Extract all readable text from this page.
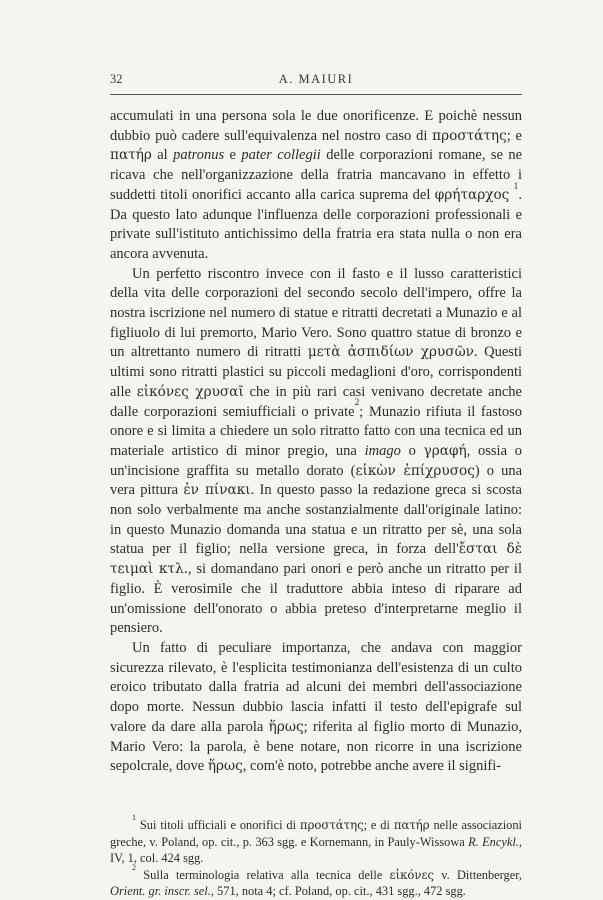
32	A. MAIURI

accumulati in una persona sola le due onorificenze. E poichè nessun dubbio può cadere sull'equivalenza nel nostro caso di προστάτης; e πατήρ al patronus e pater collegii delle corporazioni romane, se ne ricava che nell'organizzazione della fratria mancavano in effetto i suddetti titoli onorifici accanto alla carica suprema del φρήταρχος $^1$. Da questo lato adunque l'influenza delle corporazioni professionali e private sull'istituto antichissimo della fratria era stata nulla o non era ancora avvenuta.

Un perfetto riscontro invece con il fasto e il lusso caratteristici della vita delle corporazioni del secondo secolo dell'impero, offre la nostra iscrizione nel numero di statue e ritratti decretati a Munazio e al figliuolo di lui premorto, Mario Vero. Sono quattro statue di bronzo e un altrettanto numero di ritratti μετὰ ἀσπιδίων χρυσῶν. Questi ultimi sono ritratti plastici su piccoli medaglioni d'oro, corrispondenti alle εἰκόνες χρυσαῖ che in più rari casi venivano decretate anche dalle corporazioni semiufficiali o private$^2$; Munazio rifiuta il fastoso onore e si limita a chiedere un solo ritratto fatto con una tecnica ed un materiale artistico di minor pregio, una imago o γραφή, ossia o un'incisione graffita su metallo dorato (εἰκὼν ἐπίχρυσος) o una vera pittura ἐν πίνακι. In questo passo la redazione greca si scosta non solo verbalmente ma anche sostanzialmente dall'originale latino: in questo Munazio domanda una statua e un ritratto per sè, una sola statua per il figlio; nella versione greca, in forza dell'ἔσται δὲ τειμαὶ κτλ., si domandano pari onori e però anche un ritratto per il figlio. È verosimile che il traduttore abbia inteso di riparare ad un'omissione dell'onorato o abbia preteso d'interpretarne meglio il pensiero.

Un fatto di peculiare importanza, che andava con maggior sicurezza rilevato, è l'esplicita testimonianza dell'esistenza di un culto eroico tributato dalla fratria ad alcuni dei membri dell'associazione dopo morte. Nessun dubbio lascia infatti il testo dell'epigrafe sul valore da dare alla parola ἥρως; riferita al figlio morto di Munazio, Mario Vero: la parola, è bene notare, non ricorre in una iscrizione sepolcrale, dove ἥρως, com'è noto, potrebbe anche avere il signifi-

$^1$ Sui titoli ufficiali e onorifici di προστάτης; e di πατήρ nelle associazioni greche, v. Poland, op. cit., p. 363 sgg. e Kornemann, in Pauly-Wissowa R. Encykl., IV, 1, col. 424 sgg.

$^2$ Sulla terminologia relativa alla tecnica delle εἰκόνες v. Dittenberger, Orient. gr. inscr. sel., 571, nota 4; cf. Poland, op. cit., 431 sgg., 472 sgg.
